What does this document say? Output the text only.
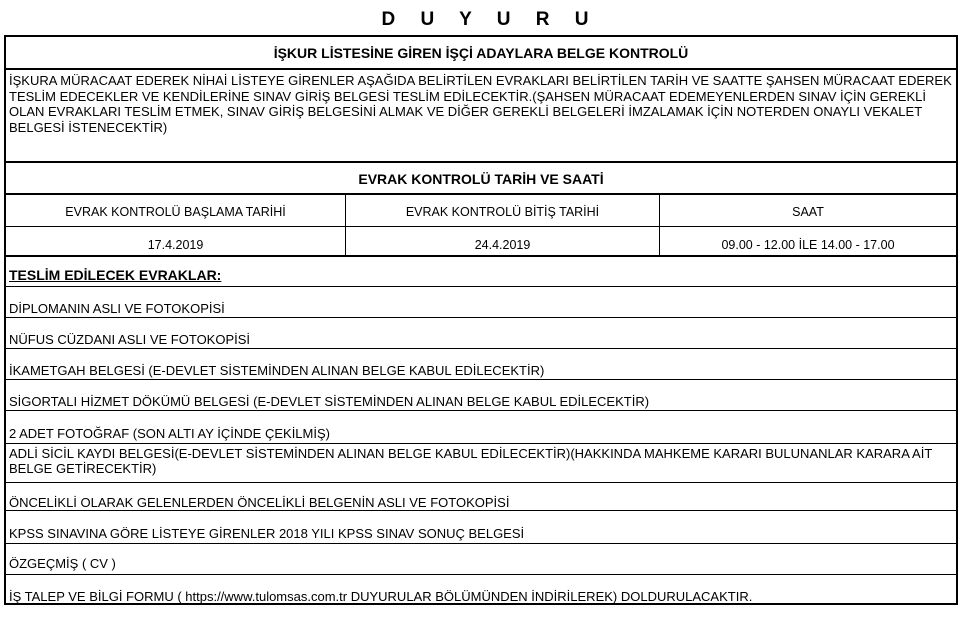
D U Y U R U
İŞKUR LİSTESİNE GİREN İŞÇİ ADAYLARA BELGE KONTROLÜ
İŞKURA MÜRACAAT EDEREK NİHAİ LİSTEYE GİRENLER AŞAĞIDA BELİRTİLEN EVRAKLARI BELİRTİLEN TARİH VE SAATTE ŞAHSEN MÜRACAAT EDEREK TESLİM EDECEKLER VE KENDİLERİNE SINAV GİRİŞ BELGESİ TESLİM EDİLECEKTİR.(ŞAHSEN MÜRACAAT EDEMEYENLERDEN SINAV İÇİN GEREKLİ OLAN EVRAKLARI TESLİM ETMEK, SINAV GİRİŞ BELGESİNİ ALMAK VE DİĞER GEREKLİ BELGELERİ İMZALAMAK İÇİN NOTERDEN ONAYLI VEKALET BELGESİ İSTENECEKTİR)
EVRAK KONTROLÜ TARİH VE SAATİ
EVRAK KONTROLÜ BAŞLAMA TARİHİ	EVRAK KONTROLÜ BİTİŞ TARİHİ	SAAT
17.4.2019	24.4.2019	09.00 - 12.00 İLE 14.00 - 17.00
TESLİM EDİLECEK EVRAKLAR:
DİPLOMANIN ASLI VE FOTOKOPİSİ
NÜFUS CÜZDANI ASLI VE FOTOKOPİSİ
İKAMETGAH BELGESİ (E-DEVLET SİSTEMİNDEN ALINAN BELGE KABUL EDİLECEKTİR)
SİGORTALI HİZMET DÖKÜMÜ BELGESİ (E-DEVLET SİSTEMİNDEN ALINAN BELGE KABUL EDİLECEKTİR)
2 ADET FOTOĞRAF (SON ALTI AY İÇİNDE ÇEKİLMİŞ)
ADLİ SİCİL KAYDI BELGESİ(E-DEVLET SİSTEMİNDEN ALINAN BELGE KABUL EDİLECEKTİR)(HAKKINDA MAHKEME KARARI BULUNANLAR KARARA AİT BELGE GETİRECEKTİR)
ÖNCELİKLİ OLARAK GELENLERDEN ÖNCELİKLİ BELGENİN ASLI VE FOTOKOPİSİ
KPSS SINAVINA GÖRE LİSTEYE GİRENLER 2018 YILI KPSS SINAV SONUÇ BELGESİ
ÖZGEÇMİŞ ( CV )
İŞ TALEP VE BİLGİ FORMU ( https://www.tulomsas.com.tr DUYURULAR BÖLÜMÜNDEN İNDİRİLEREK) DOLDURULACAKTIR.
